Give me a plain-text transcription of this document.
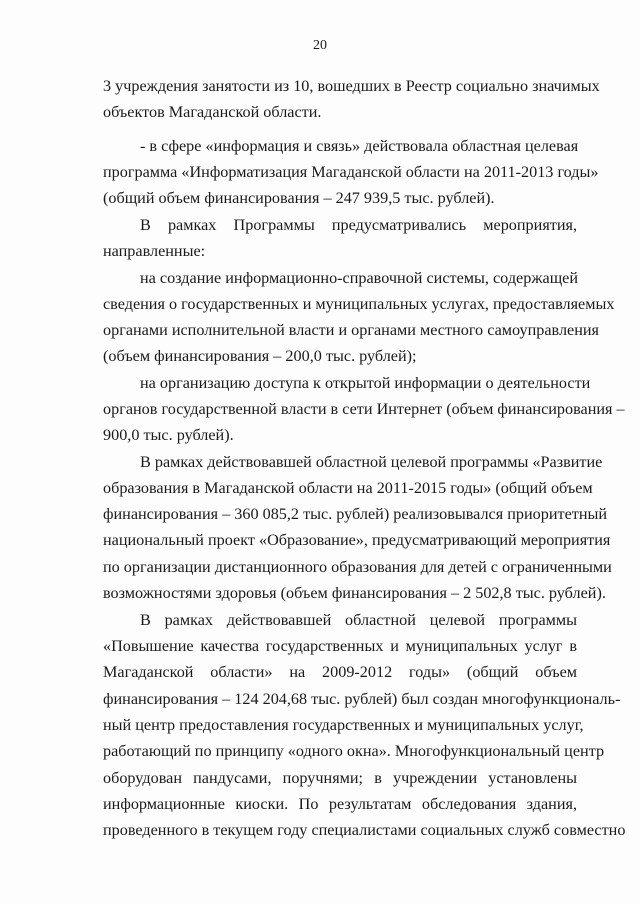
20
3 учреждения занятости из 10, вошедших в Реестр социально значимых
объектов Магаданской области.
- в сфере «информация и связь» действовала областная целевая
программа «Информатизация Магаданской области на 2011-2013 годы»
(общий объем финансирования – 247 939,5 тыс. рублей).
В рамках Программы предусматривались мероприятия,
направленные:
на создание информационно-справочной системы, содержащей
сведения о государственных и муниципальных услугах, предоставляемых
органами исполнительной власти и органами местного самоуправления
(объем финансирования – 200,0 тыс. рублей);
на организацию доступа к открытой информации о деятельности
органов государственной власти в сети Интернет (объем финансирования –
900,0 тыс. рублей).
В рамках действовавшей областной целевой программы «Развитие
образования в Магаданской области на 2011-2015 годы» (общий объем
финансирования – 360 085,2 тыс. рублей) реализовывался приоритетный
национальный проект «Образование», предусматривающий мероприятия
по организации дистанционного образования для детей с ограниченными
возможностями здоровья (объем финансирования – 2 502,8 тыс. рублей).
В рамках действовавшей областной целевой программы
«Повышение качества государственных и муниципальных услуг в
Магаданской области» на 2009-2012 годы» (общий объем
финансирования – 124 204,68 тыс. рублей) был создан многофункциональ-
ный центр предоставления государственных и муниципальных услуг,
работающий по принципу «одного окна». Многофункциональный центр
оборудован пандусами, поручнями; в учреждении установлены
информационные киоски. По результатам обследования здания,
проведенного в текущем году специалистами социальных служб совместно
